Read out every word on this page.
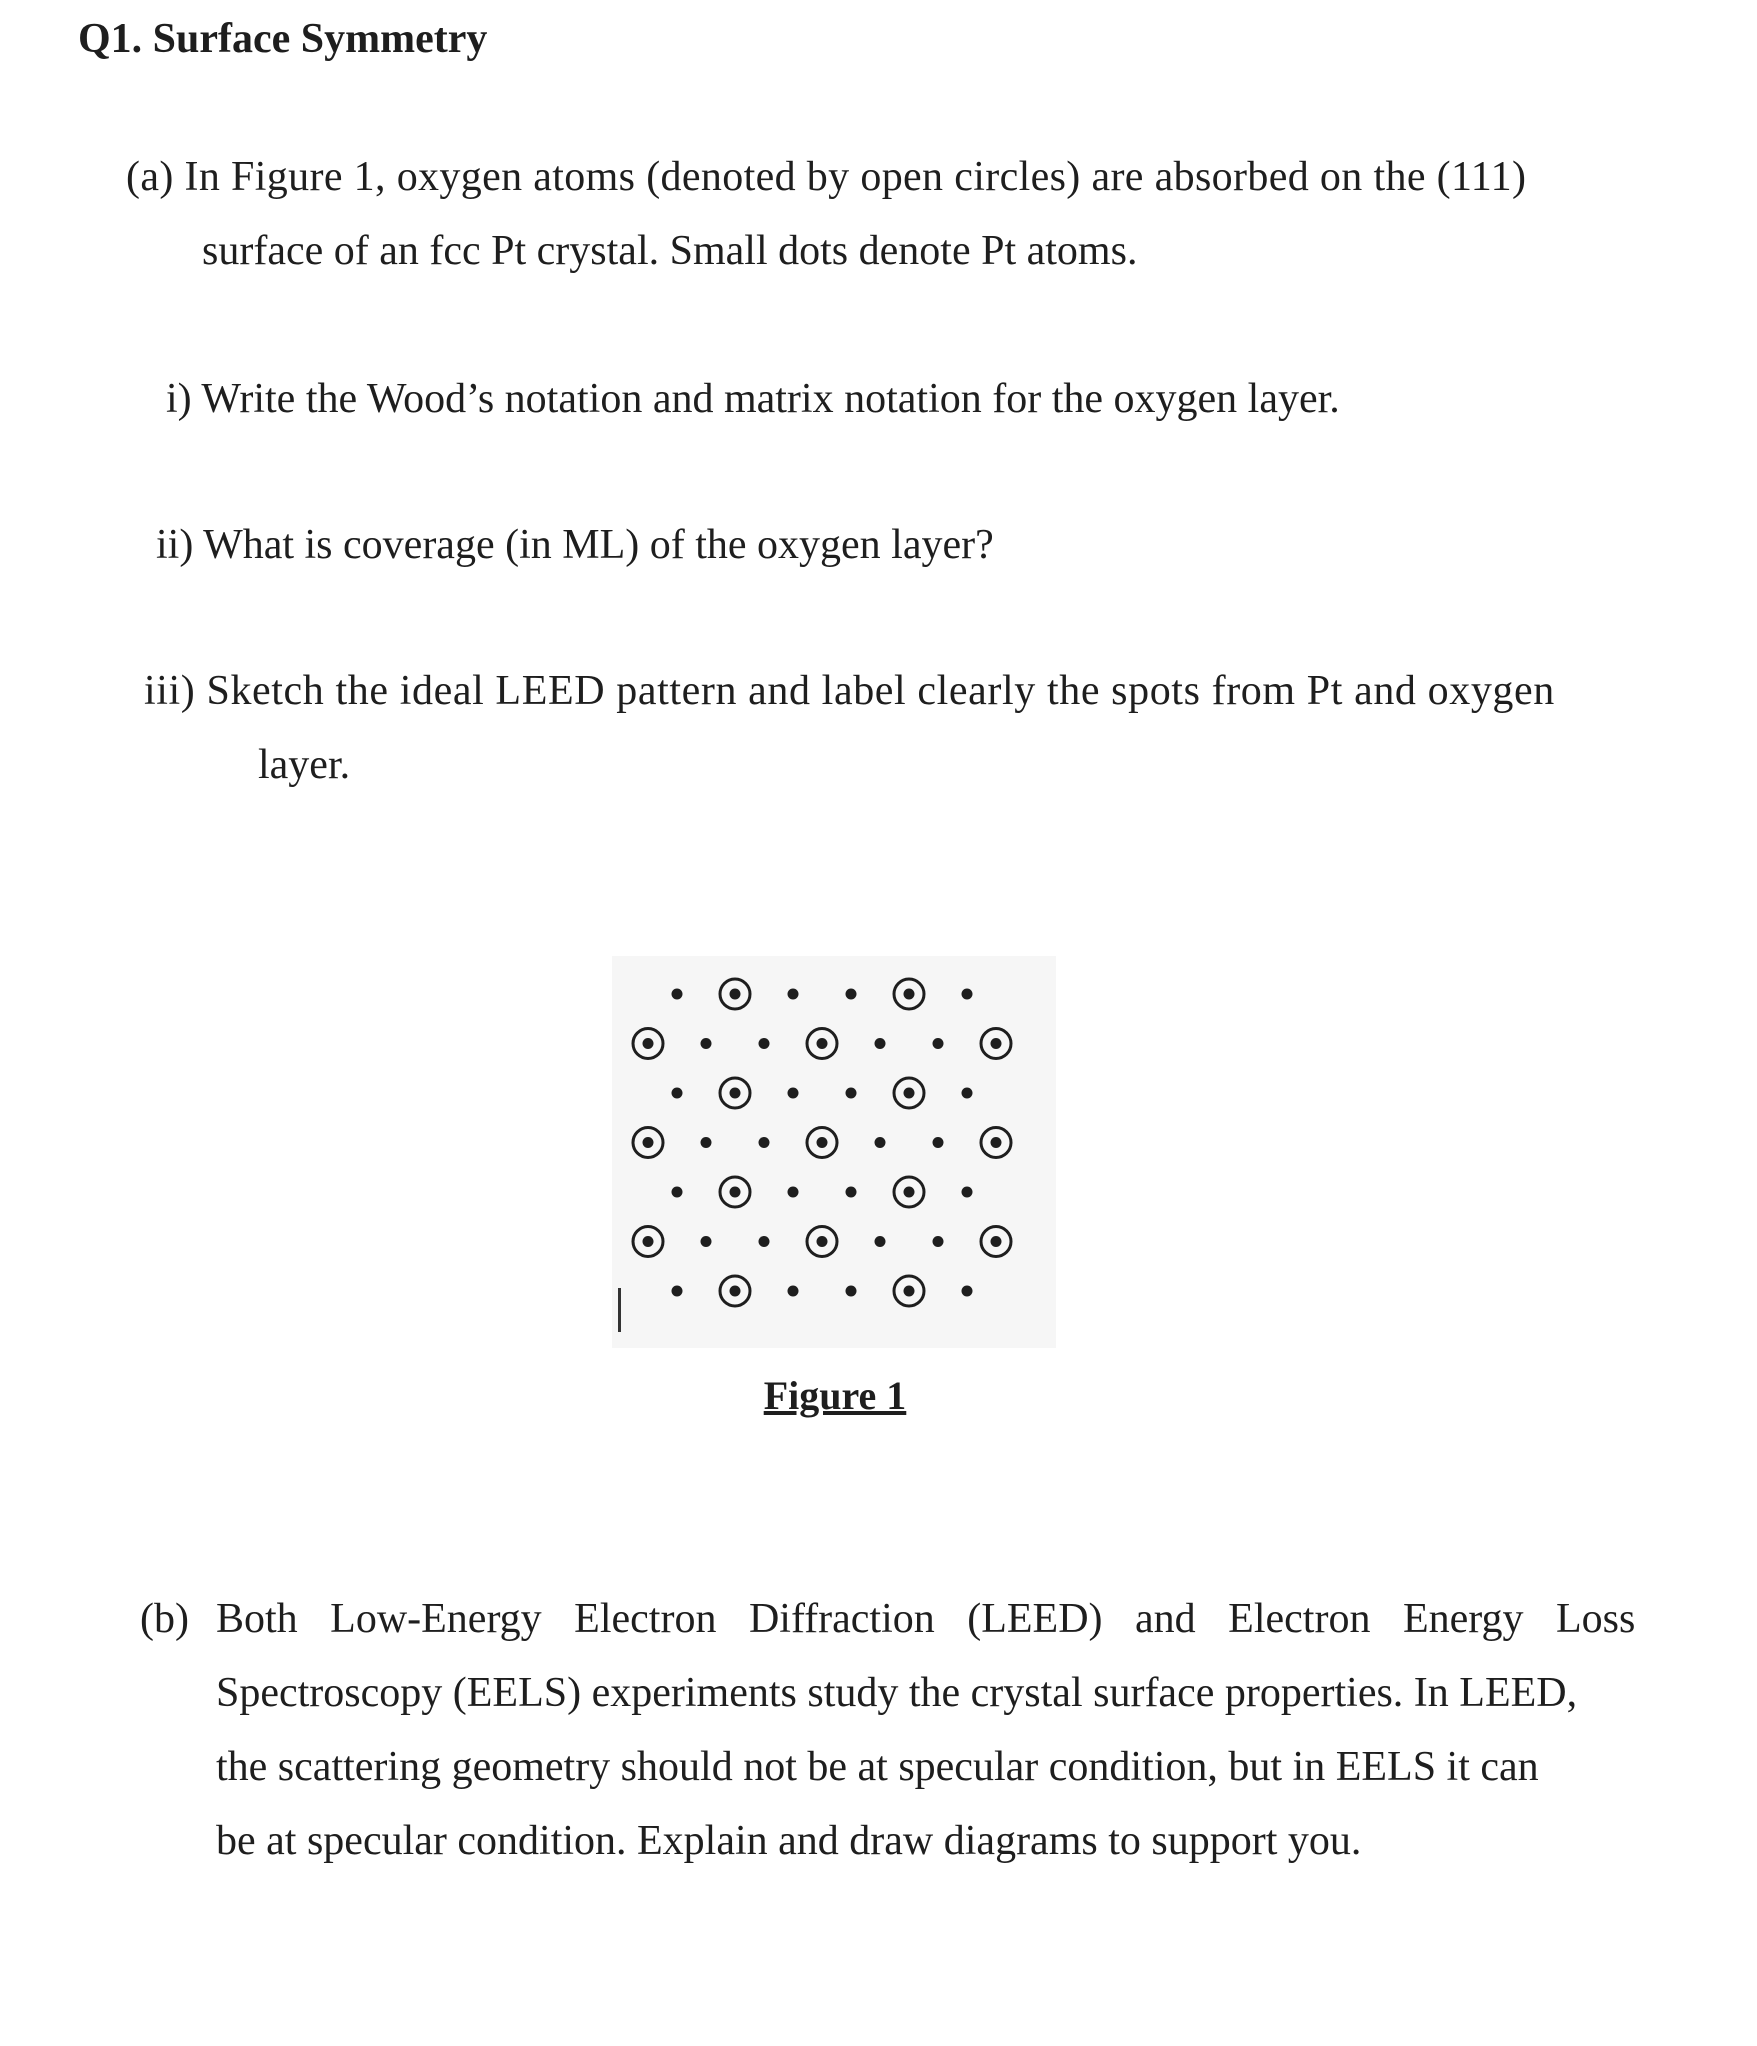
Q1. Surface Symmetry
(a) In Figure 1, oxygen atoms (denoted by open circles) are absorbed on the (111)
surface of an fcc Pt crystal. Small dots denote Pt atoms.
i) Write the Wood’s notation and matrix notation for the oxygen layer.
ii) What is coverage (in ML) of the oxygen layer?
iii) Sketch the ideal LEED pattern and label clearly the spots from Pt and oxygen
layer.
Figure 1
(b) Both Low-Energy Electron Diffraction (LEED) and Electron Energy Loss
Spectroscopy (EELS) experiments study the crystal surface properties. In LEED,
the scattering geometry should not be at specular condition, but in EELS it can
be at specular condition. Explain and draw diagrams to support you.
